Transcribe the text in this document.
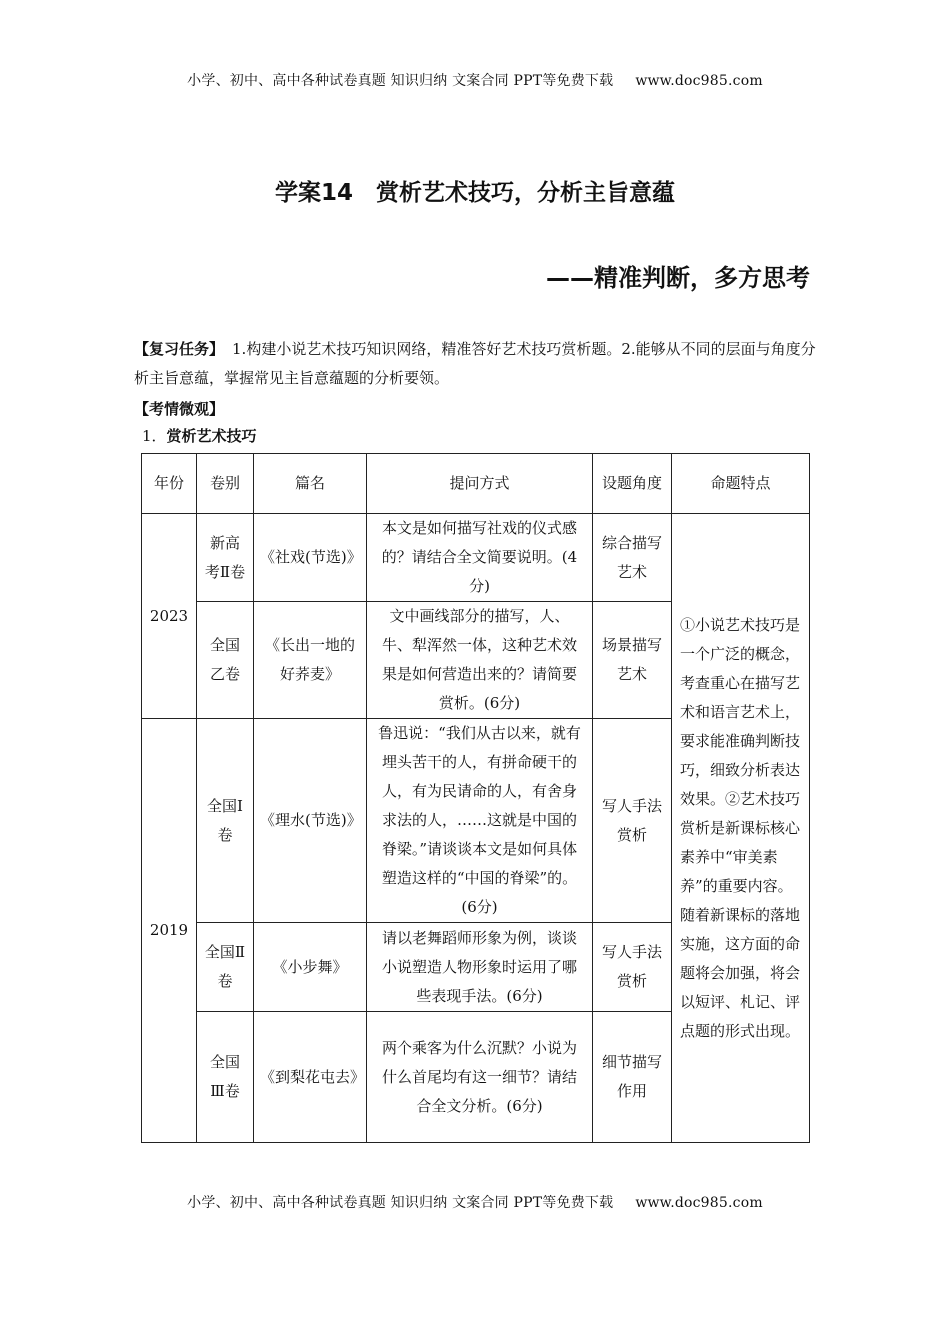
小学、初中、高中各种试卷真题 知识归纳 文案合同 PPT等免费下载 www.doc985.com
学案14　赏析艺术技巧，分析主旨意蕴
——精准判断，多方思考
【复习任务】 1.构建小说艺术技巧知识网络，精准答好艺术技巧赏析题。2.能够从不同的层面与角度分析主旨意蕴，掌握常见主旨意蕴题的分析要领。
【考情微观】
1．赏析艺术技巧
年份	卷别	篇名	提问方式	设题角度	命题特点
2023	新高考Ⅱ卷	《社戏(节选)》	本文是如何描写社戏的仪式感的？请结合全文简要说明。(4分)	综合描写艺术	①小说艺术技巧是一个广泛的概念，考查重心在描写艺术和语言艺术上，要求能准确判断技巧，细致分析表达效果。②艺术技巧赏析是新课标核心素养中“审美素养”的重要内容。随着新课标的落地实施，这方面的命题将会加强，将会以短评、札记、评点题的形式出现。
	全国乙卷	《长出一地的好荞麦》	文中画线部分的描写，人、牛、犁浑然一体，这种艺术效果是如何营造出来的？请简要赏析。(6分)	场景描写艺术	
2019	全国Ⅰ卷	《理水(节选)》	鲁迅说：“我们从古以来，就有埋头苦干的人，有拼命硬干的人，有为民请命的人，有舍身求法的人，……这就是中国的脊梁。”请谈谈本文是如何具体塑造这样的“中国的脊梁”的。(6分)	写人手法赏析	
	全国Ⅱ卷	《小步舞》	请以老舞蹈师形象为例，谈谈小说塑造人物形象时运用了哪些表现手法。(6分)	写人手法赏析	
	全国Ⅲ卷	《到梨花屯去》	两个乘客为什么沉默？小说为什么首尾均有这一细节？请结合全文分析。(6分)	细节描写作用	
小学、初中、高中各种试卷真题 知识归纳 文案合同 PPT等免费下载 www.doc985.com
